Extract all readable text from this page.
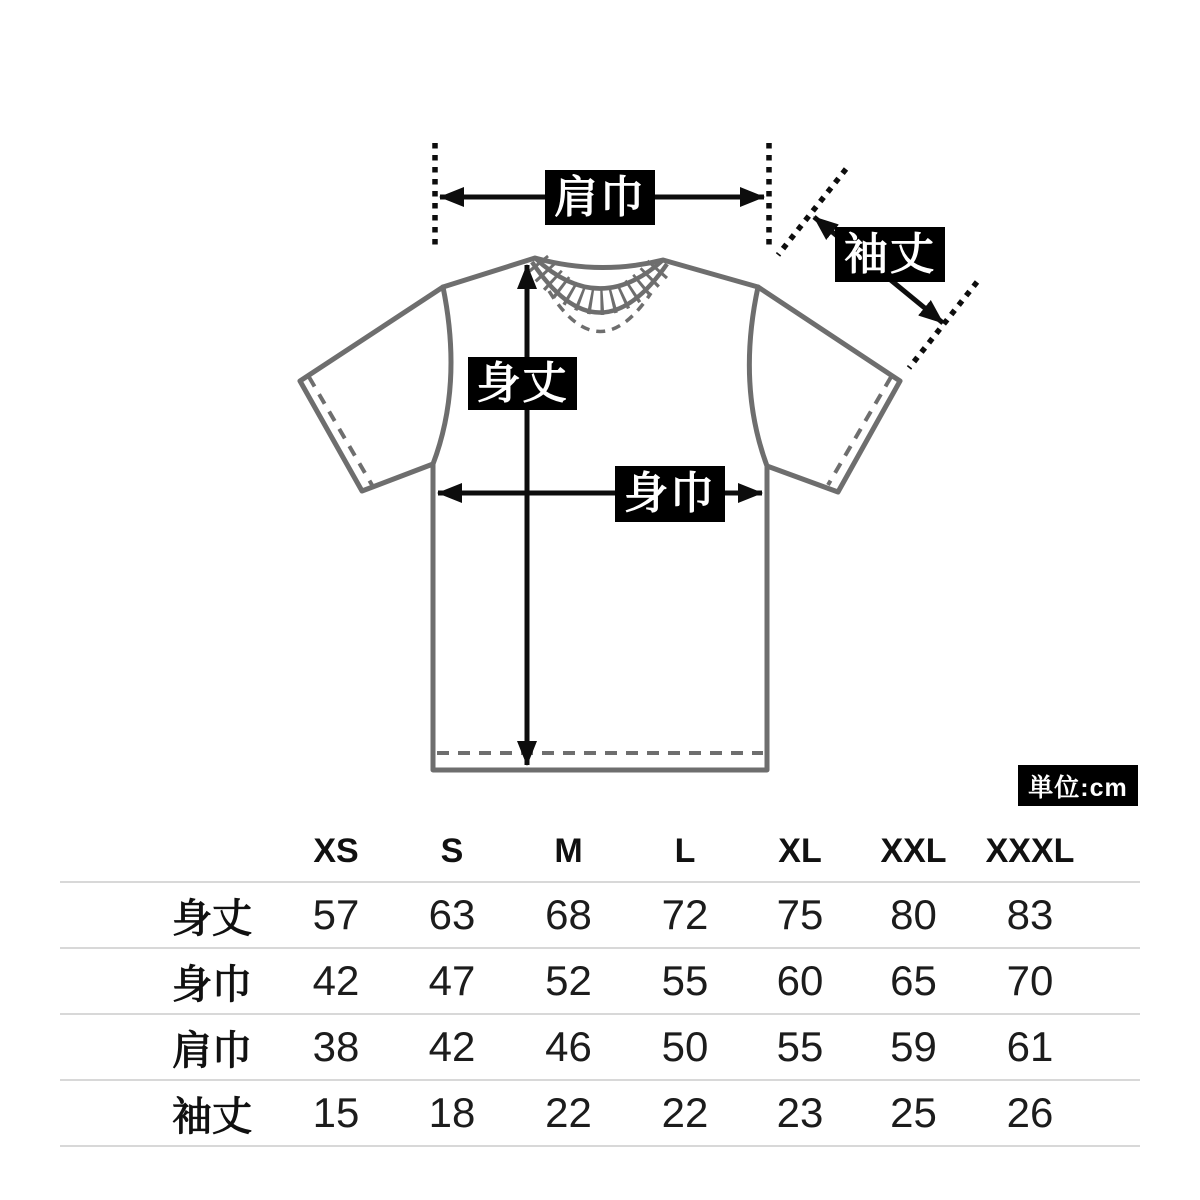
肩巾
袖丈
身丈
身巾
単位:cm
XS	S	M	L	XL	XXL	XXXL
身丈	57	63	68	72	75	80	83
身巾	42	47	52	55	60	65	70
肩巾	38	42	46	50	55	59	61
袖丈	15	18	22	22	23	25	26
